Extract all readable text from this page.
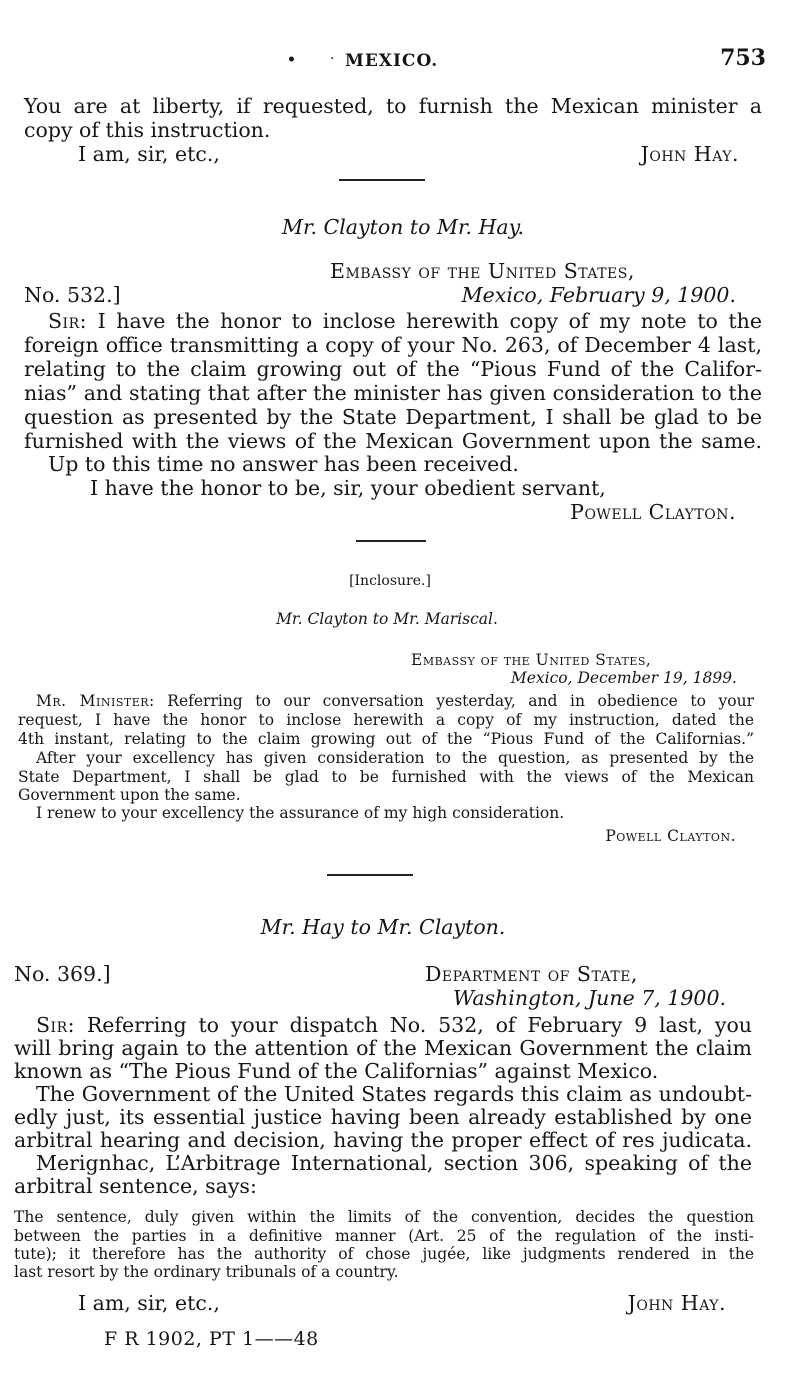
• · MEXICO.	753
You are at liberty, if requested, to furnish the Mexican minister a
copy of this instruction.
I am, sir, etc.,	John Hay.
Mr. Clayton to Mr. Hay.
Embassy of the United States,
No. 532.]	Mexico, February 9, 1900.
Sir: I have the honor to inclose herewith copy of my note to the
foreign office transmitting a copy of your No. 263, of December 4 last,
relating to the claim growing out of the “Pious Fund of the Califor-
nias” and stating that after the minister has given consideration to the
question as presented by the State Department, I shall be glad to be
furnished with the views of the Mexican Government upon the same.
Up to this time no answer has been received.
I have the honor to be, sir, your obedient servant,
Powell Clayton.
[Inclosure.]
Mr. Clayton to Mr. Mariscal.
Embassy of the United States,
Mexico, December 19, 1899.
Mr. Minister: Referring to our conversation yesterday, and in obedience to your
request, I have the honor to inclose herewith a copy of my instruction, dated the
4th instant, relating to the claim growing out of the “Pious Fund of the Californias.”
After your excellency has given consideration to the question, as presented by the
State Department, I shall be glad to be furnished with the views of the Mexican
Government upon the same.
I renew to your excellency the assurance of my high consideration.
Powell Clayton.
Mr. Hay to Mr. Clayton.
No. 369.]	Department of State,
Washington, June 7, 1900.
Sir: Referring to your dispatch No. 532, of February 9 last, you
will bring again to the attention of the Mexican Government the claim
known as “The Pious Fund of the Californias” against Mexico.
The Government of the United States regards this claim as undoubt-
edly just, its essential justice having been already established by one
arbitral hearing and decision, having the proper effect of res judicata.
Merignhac, L’Arbitrage International, section 306, speaking of the
arbitral sentence, says:
The sentence, duly given within the limits of the convention, decides the question
between the parties in a definitive manner (Art. 25 of the regulation of the insti-
tute); it therefore has the authority of chose jugée, like judgments rendered in the
last resort by the ordinary tribunals of a country.
I am, sir, etc.,	John Hay.
F R 1902, PT 1——48
